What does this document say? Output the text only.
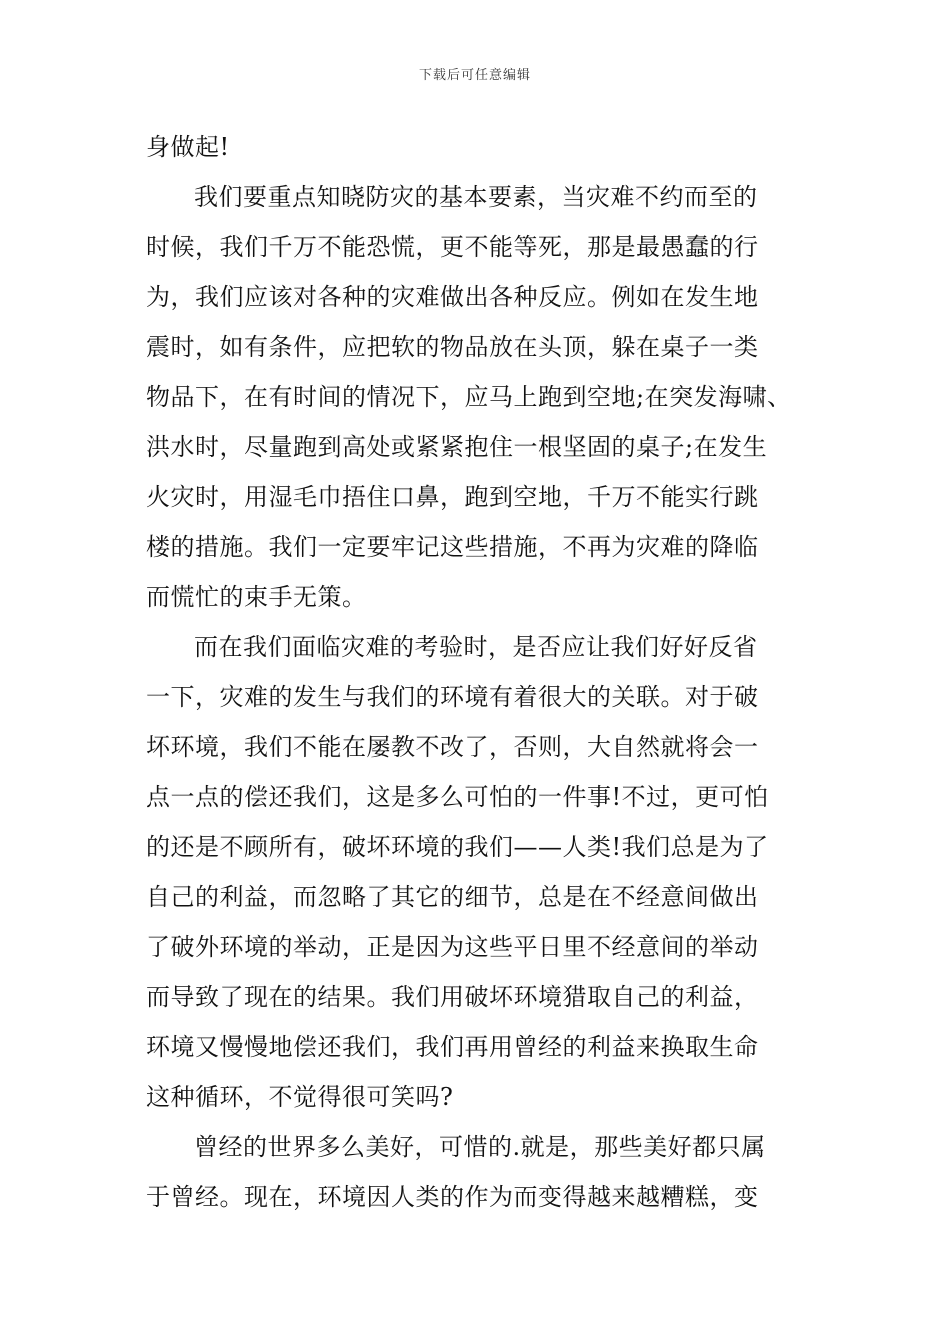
下载后可任意编辑
身做起!
我们要重点知晓防灾的基本要素，当灾难不约而至的
时候，我们千万不能恐慌，更不能等死，那是最愚蠢的行
为，我们应该对各种的灾难做出各种反应。例如在发生地
震时，如有条件，应把软的物品放在头顶，躲在桌子一类
物品下，在有时间的情况下，应马上跑到空地;在突发海啸、
洪水时，尽量跑到高处或紧紧抱住一根坚固的桌子;在发生
火灾时，用湿毛巾捂住口鼻，跑到空地，千万不能实行跳
楼的措施。我们一定要牢记这些措施，不再为灾难的降临
而慌忙的束手无策。
而在我们面临灾难的考验时，是否应让我们好好反省
一下，灾难的发生与我们的环境有着很大的关联。对于破
坏环境，我们不能在屡教不改了，否则，大自然就将会一
点一点的偿还我们，这是多么可怕的一件事!不过，更可怕
的还是不顾所有，破坏环境的我们——人类!我们总是为了
自己的利益，而忽略了其它的细节，总是在不经意间做出
了破外环境的举动，正是因为这些平日里不经意间的举动
而导致了现在的结果。我们用破坏环境猎取自己的利益，
环境又慢慢地偿还我们，我们再用曾经的利益来换取生命
这种循环，不觉得很可笑吗?
曾经的世界多么美好，可惜的.就是，那些美好都只属
于曾经。现在，环境因人类的作为而变得越来越糟糕，变
